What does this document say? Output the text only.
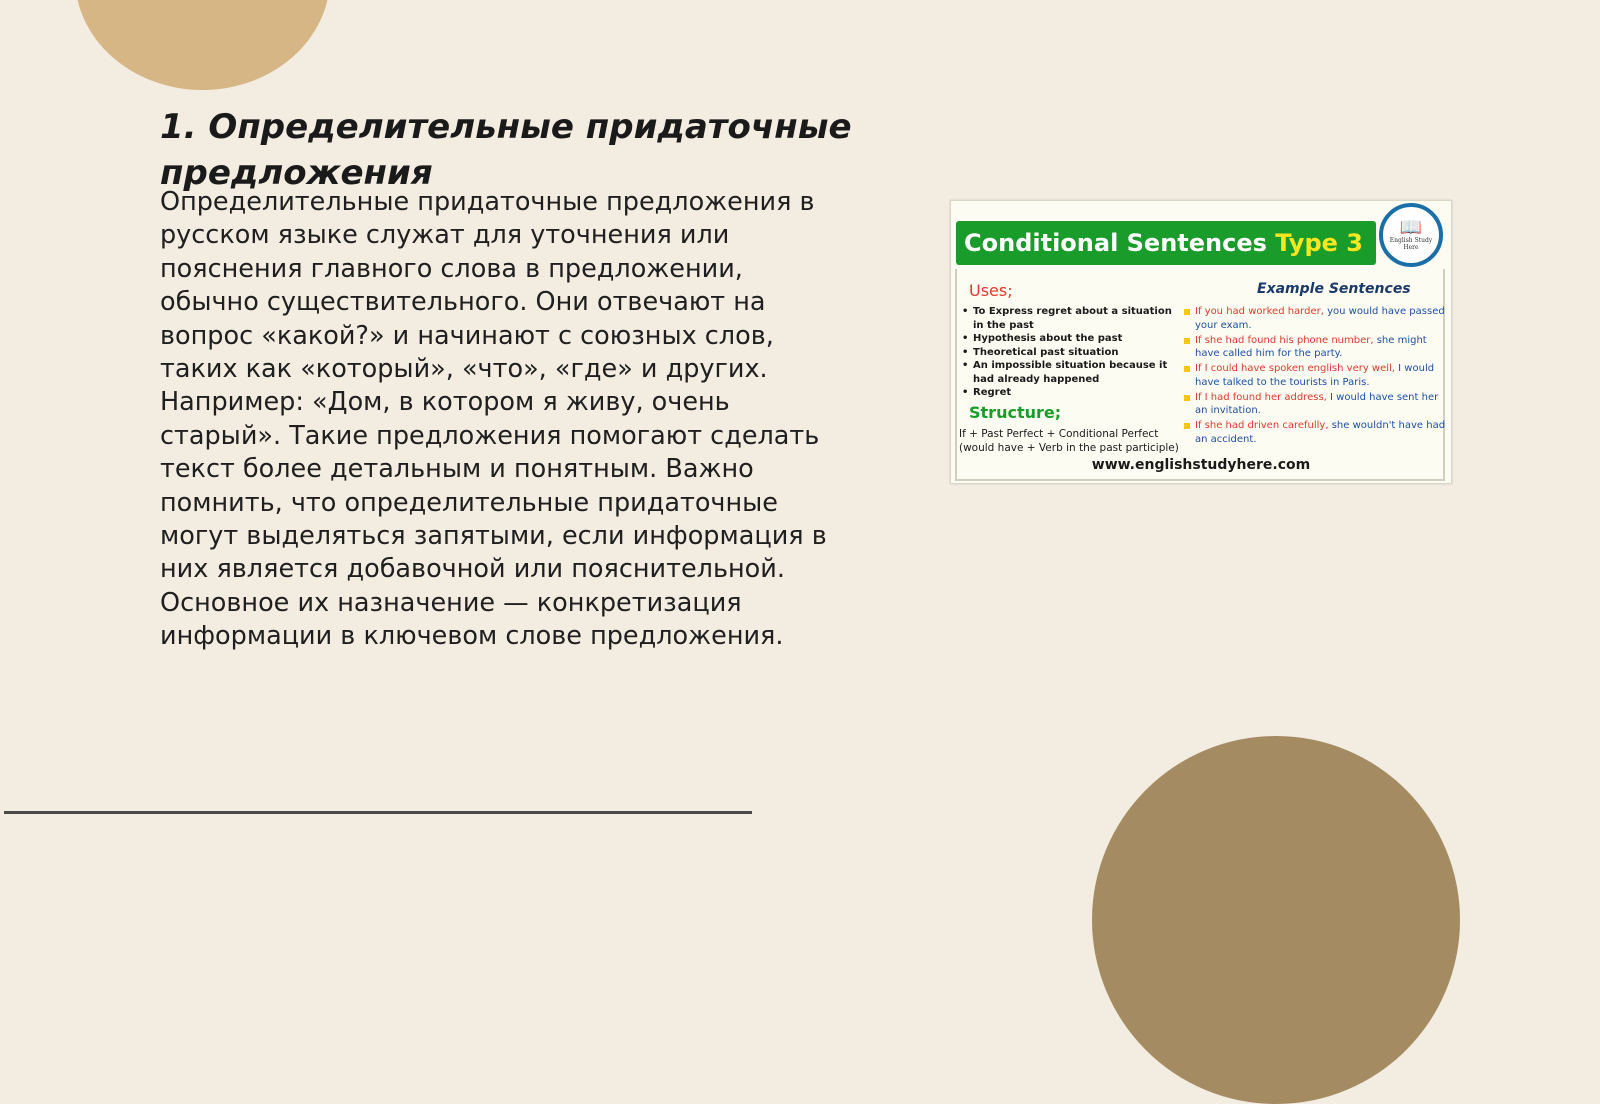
1. Определительные придаточные предложения

Определительные придаточные предложения в русском языке служат для уточнения или пояснения главного слова в предложении, обычно существительного. Они отвечают на вопрос «какой?» и начинают с союзных слов, таких как «который», «что», «где» и других. Например: «Дом, в котором я живу, очень старый». Такие предложения помогают сделать текст более детальным и понятным. Важно помнить, что определительные придаточные могут выделяться запятыми, если информация в них является добавочной или пояснительной. Основное их назначение — конкретизация информации в ключевом слове предложения.

Conditional Sentences Type 3
📖
English Study Here
Uses;
• To Express regret about a situation in the past
• Hypothesis about the past
• Theoretical past situation
• An impossible situation because it had already happened
• Regret
Structure;
If + Past Perfect + Conditional Perfect (would have + Verb in the past participle)
Example Sentences
If you had worked harder, you would have passed your exam.
If she had found his phone number, she might have called him for the party.
If I could have spoken english very well, I would have talked to the tourists in Paris.
If I had found her address, I would have sent her an invitation.
If she had driven carefully, she wouldn't have had an accident.
www.englishstudyhere.com
